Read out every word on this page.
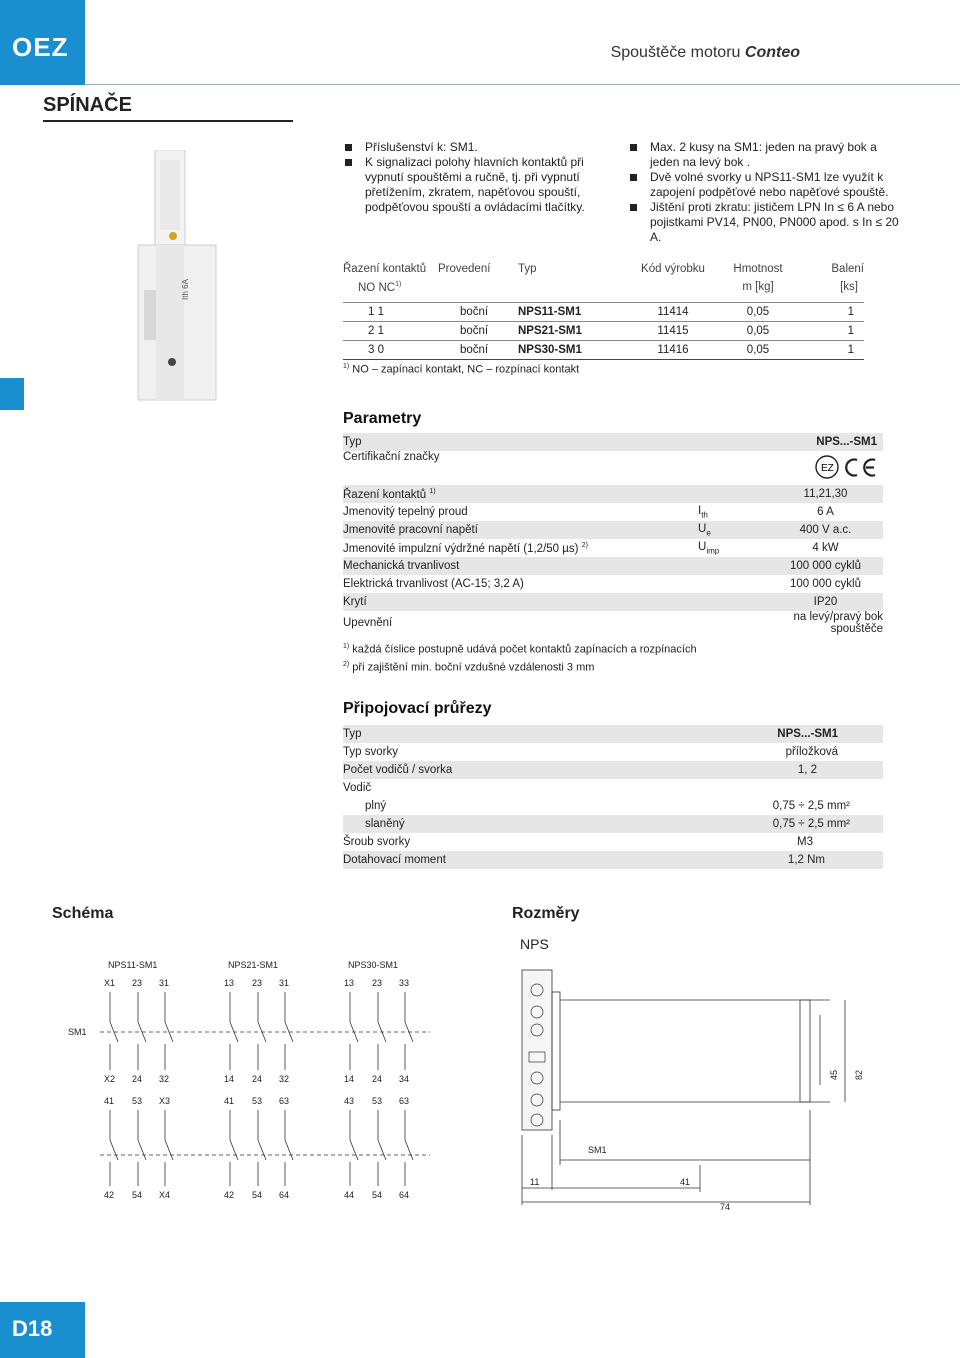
OEZ	Spouštěče motoru Conteo
SPÍNAČE
D18
Ith 6A
Příslušenství k: SM1.
K signalizaci polohy hlavních kontaktů při vypnutí spouštěmi a ručně, tj. při vypnutí přetížením, zkratem, napěťovou spouští, podpěťovou spouští a ovládacími tlačítky.
Max. 2 kusy na SM1: jeden na pravý bok a jeden na levý bok .
Dvě volné svorky u NPS11-SM1 lze využít k zapojení podpěťové nebo napěťové spouště.
Jištění proti zkratu: jističem LPN In ≤ 6 A nebo pojistkami PV14, PN00, PN000 apod. s In ≤ 20 A.
Řazení kontaktů	Provedení	Typ	Kód výrobku	Hmotnost	Balení
NO NC$^{1)}$				m [kg]	[ks]

1 1	boční	NPS11-SM1	11414	0,05	1
2 1	boční	NPS21-SM1	11415	0,05	1
3 0	boční	NPS30-SM1	11416	0,05	1
$^{1)}$ NO – zapínací kontakt, NC – rozpínací kontakt					
Parametry
Typ	NPS...-SM1
Certifikační značky	EZ
Řazení kontaktů $^{1)}$		11,21,30
Jmenovitý tepelný proud	$I_{th}$	6 A
Jmenovité pracovní napětí	$U_e$	400 V a.c.
Jmenovité impulzní výdržné napětí (1,2/50 µs) $^{2)}$	$U_{imp}$	4 kW
Mechanická trvanlivost		100 000 cyklů
Elektrická trvanlivost (AC-15; 3,2 A)		100 000 cyklů
Krytí		IP20
Upevnění		na levý/pravý bok spouštěče
$^{1)}$ každá číslice postupně udává počet kontaktů zapínacích a rozpínacích
$^{2)}$ při zajištění min. boční vzdušné vzdálenosti 3 mm
Připojovací průřezy
Typ	NPS...-SM1
Typ svorky	příložková
Počet vodičů / svorka	1, 2
Vodič	
plný	0,75 ÷ 2,5 mm²
slaněný	0,75 ÷ 2,5 mm²
Šroub svorky	M3
Dotahovací moment	1,2 Nm
Schéma
SM1
NPS11-SM1
X1 23 31
X2 24 32
41 53 X3
42 54 X4
NPS21-SM1
13 23 31
14 24 32
41 53 63
42 54 64
NPS30-SM1
13 23 33
14 24 34
43 53 63
44 54 64
Rozměry
NPS
45 82
11	41
74
SM1
